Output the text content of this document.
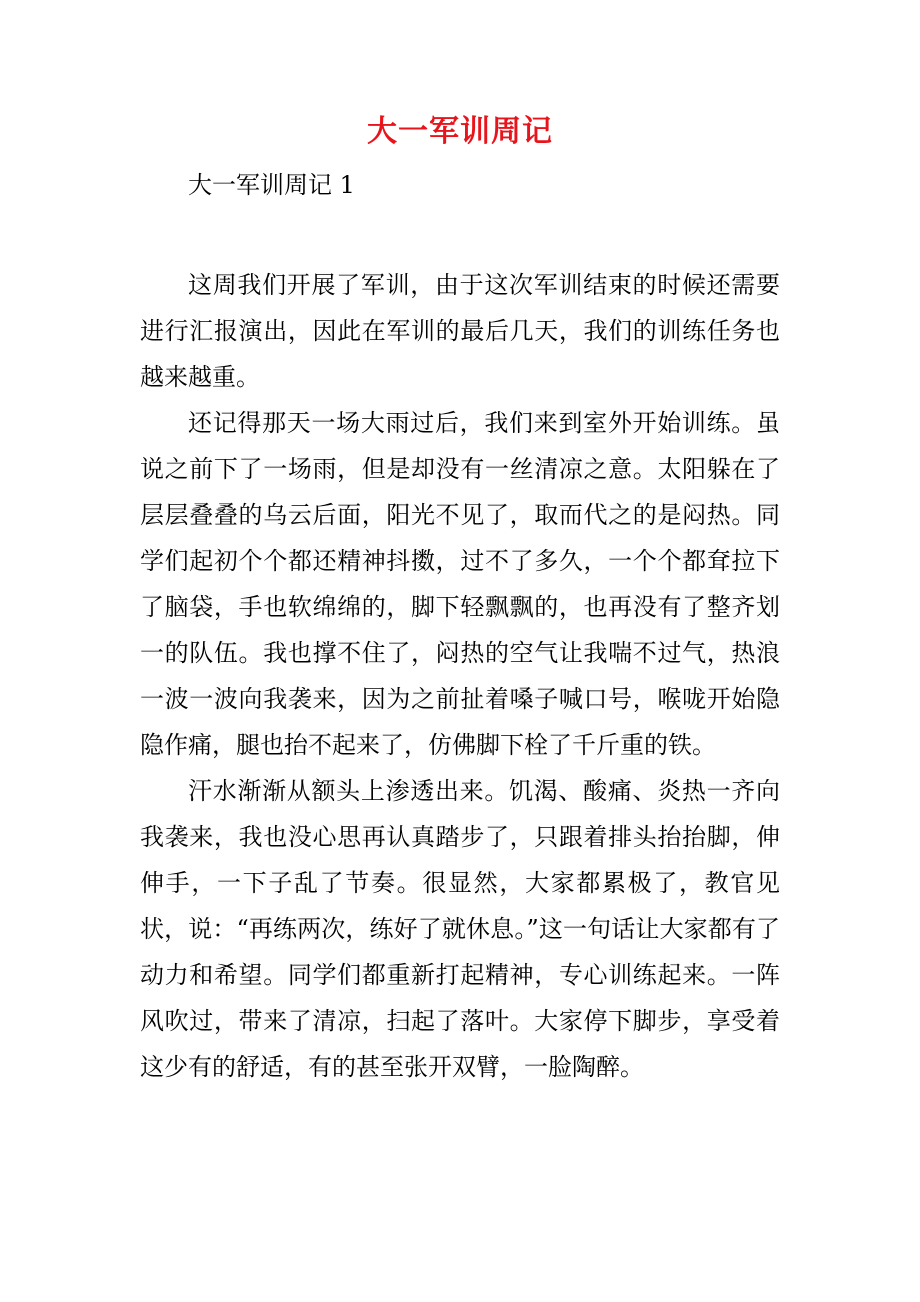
大一军训周记
大一军训周记 1

这周我们开展了军训，由于这次军训结束的时候还需要进行汇报演出，因此在军训的最后几天，我们的训练任务也越来越重。

还记得那天一场大雨过后，我们来到室外开始训练。虽说之前下了一场雨，但是却没有一丝清凉之意。太阳躲在了层层叠叠的乌云后面，阳光不见了，取而代之的是闷热。同学们起初个个都还精神抖擞，过不了多久，一个个都耷拉下了脑袋，手也软绵绵的，脚下轻飘飘的，也再没有了整齐划一的队伍。我也撑不住了，闷热的空气让我喘不过气，热浪一波一波向我袭来，因为之前扯着嗓子喊口号，喉咙开始隐隐作痛，腿也抬不起来了，仿佛脚下栓了千斤重的铁。

汗水渐渐从额头上渗透出来。饥渴、酸痛、炎热一齐向我袭来，我也没心思再认真踏步了，只跟着排头抬抬脚，伸伸手，一下子乱了节奏。很显然，大家都累极了，教官见状，说：“再练两次，练好了就休息。”这一句话让大家都有了动力和希望。同学们都重新打起精神，专心训练起来。一阵风吹过，带来了清凉，扫起了落叶。大家停下脚步，享受着这少有的舒适，有的甚至张开双臂，一脸陶醉。
